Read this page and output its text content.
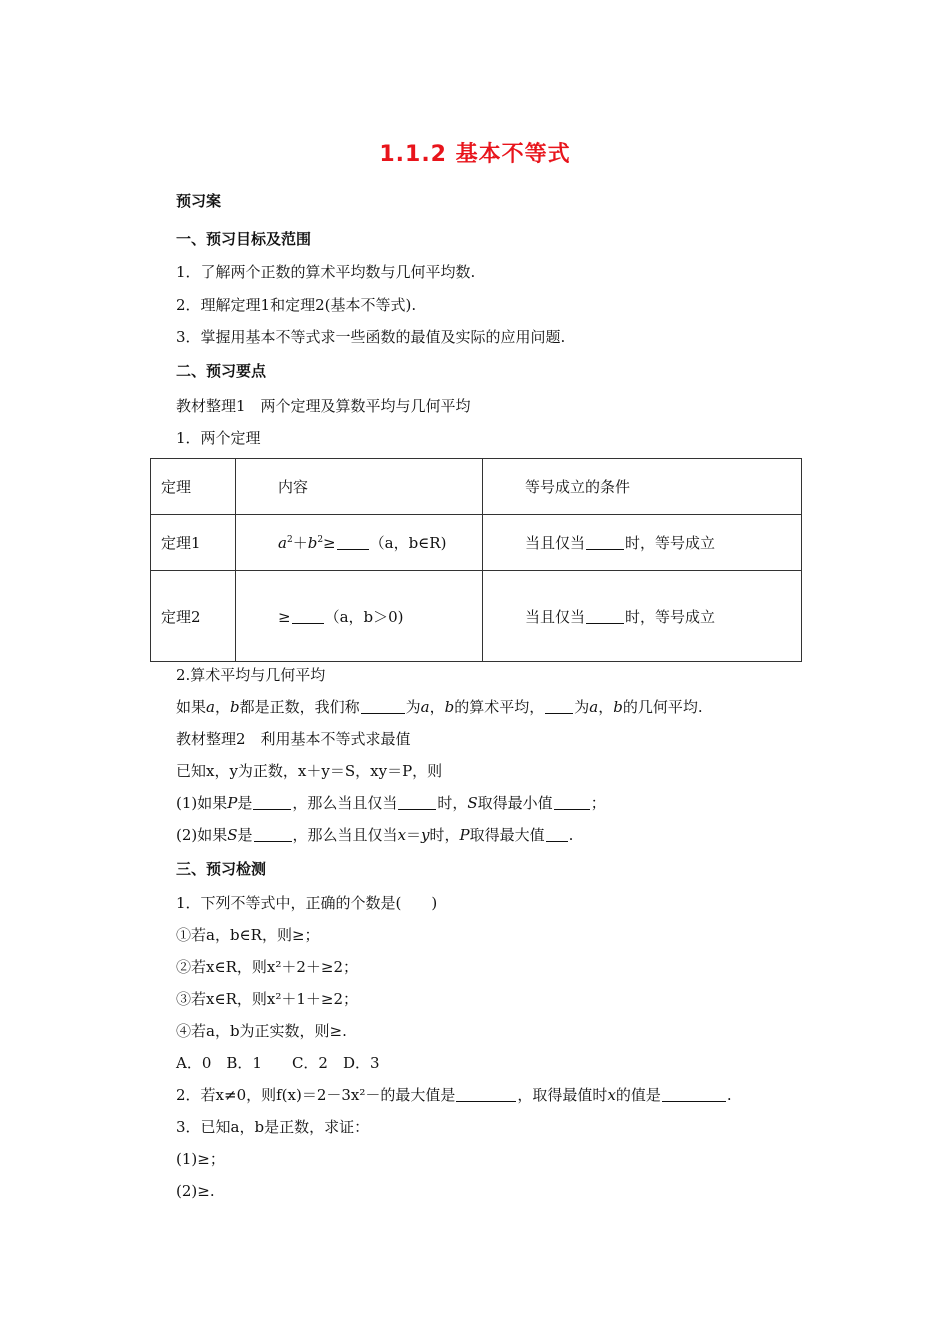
1.1.2 基本不等式
预习案
一、预习目标及范围
1．了解两个正数的算术平均数与几何平均数.
2．理解定理1和定理2(基本不等式).
3．掌握用基本不等式求一些函数的最值及实际的应用问题.
二、预习要点
教材整理1　两个定理及算数平均与几何平均
1．两个定理
定理	内容	等号成立的条件
定理1	$a^2+b^2\ge (a$，b∈R)	当且仅当 时，等号成立
定理2	≥ （a，b＞0)	当且仅当 时，等号成立
2.算术平均与几何平均
如果a，b都是正数，我们称	为a，b的算术平均， 为a，b的几何平均.
教材整理2　利用基本不等式求最值
已知x，y为正数，x＋y＝S，xy＝P，则
(1)如果P是	，那么当且仅当	时，S取得最小值	；
(2)如果S是	，那么当且仅当x＝y时，P取得最大值 .
三、预习检测
1．下列不等式中，正确的个数是(　　)
①若a，b∈R，则≥；
②若x∈R，则x²＋2＋≥2；
③若x∈R，则x²＋1＋≥2；
④若a，b为正实数，则≥.
A．0　B．1　　C．2　D．3
2．若x≠0，则f(x)＝2－3x²－的最大值是	，取得最值时x的值是	.
3．已知a，b是正数，求证：
(1)≥；
(2)≥.
